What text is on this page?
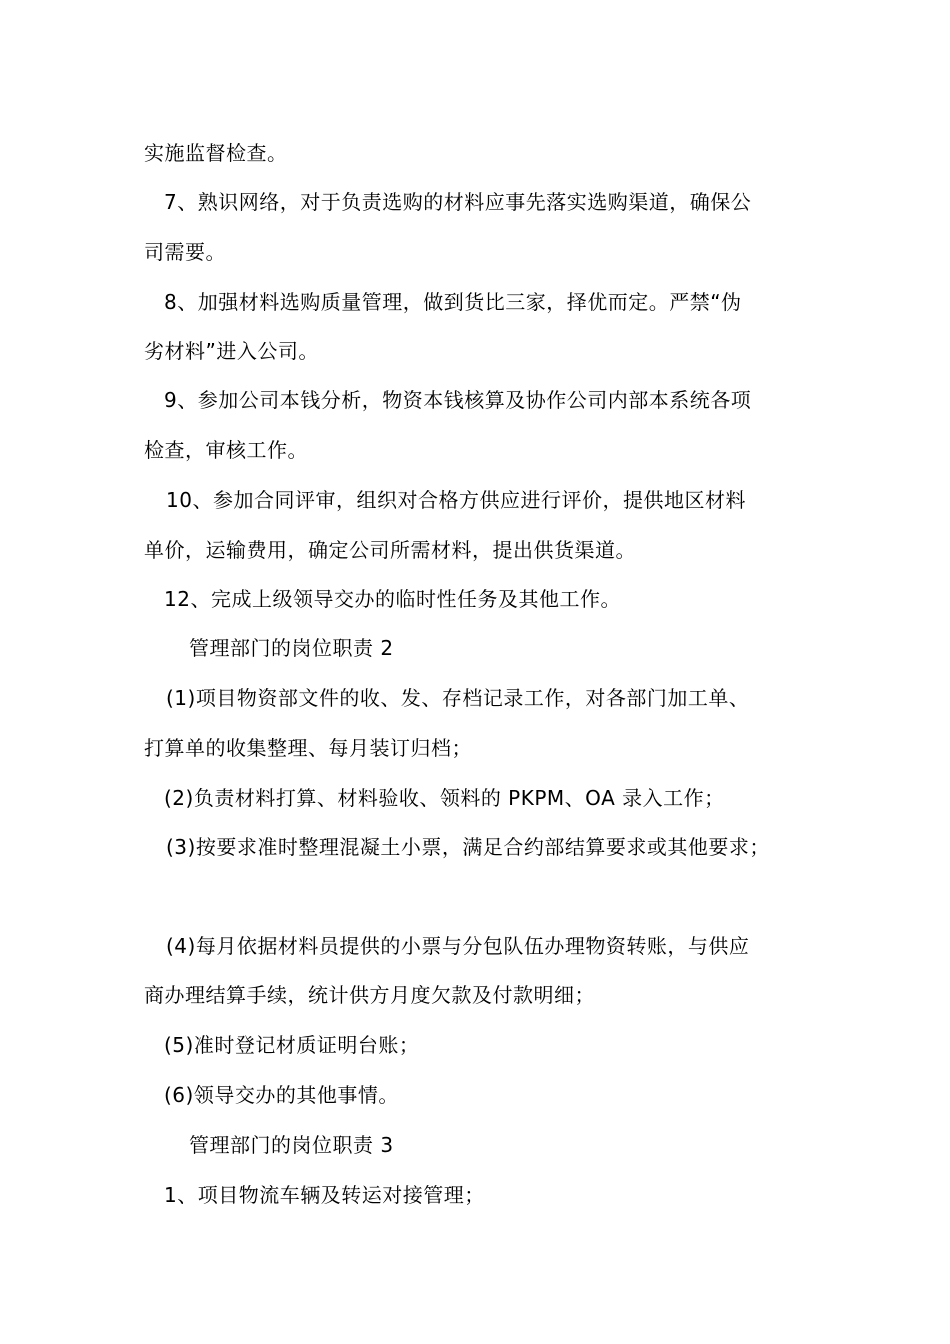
实施监督检查。
7、熟识网络，对于负责选购的材料应事先落实选购渠道，确保公
司需要。
8、加强材料选购质量管理，做到货比三家，择优而定。严禁“伪
劣材料”进入公司。
9、参加公司本钱分析，物资本钱核算及协作公司内部本系统各项
检查，审核工作。
10、参加合同评审，组织对合格方供应进行评价，提供地区材料
单价，运输费用，确定公司所需材料，提出供货渠道。
12、完成上级领导交办的临时性任务及其他工作。
管理部门的岗位职责 2
(1)项目物资部文件的收、发、存档记录工作，对各部门加工单、
打算单的收集整理、每月装订归档；
(2)负责材料打算、材料验收、领料的 PKPM、OA 录入工作；
(3)按要求准时整理混凝土小票，满足合约部结算要求或其他要求；
(4)每月依据材料员提供的小票与分包队伍办理物资转账，与供应
商办理结算手续，统计供方月度欠款及付款明细；
(5)准时登记材质证明台账；
(6)领导交办的其他事情。
管理部门的岗位职责 3
1、项目物流车辆及转运对接管理；
